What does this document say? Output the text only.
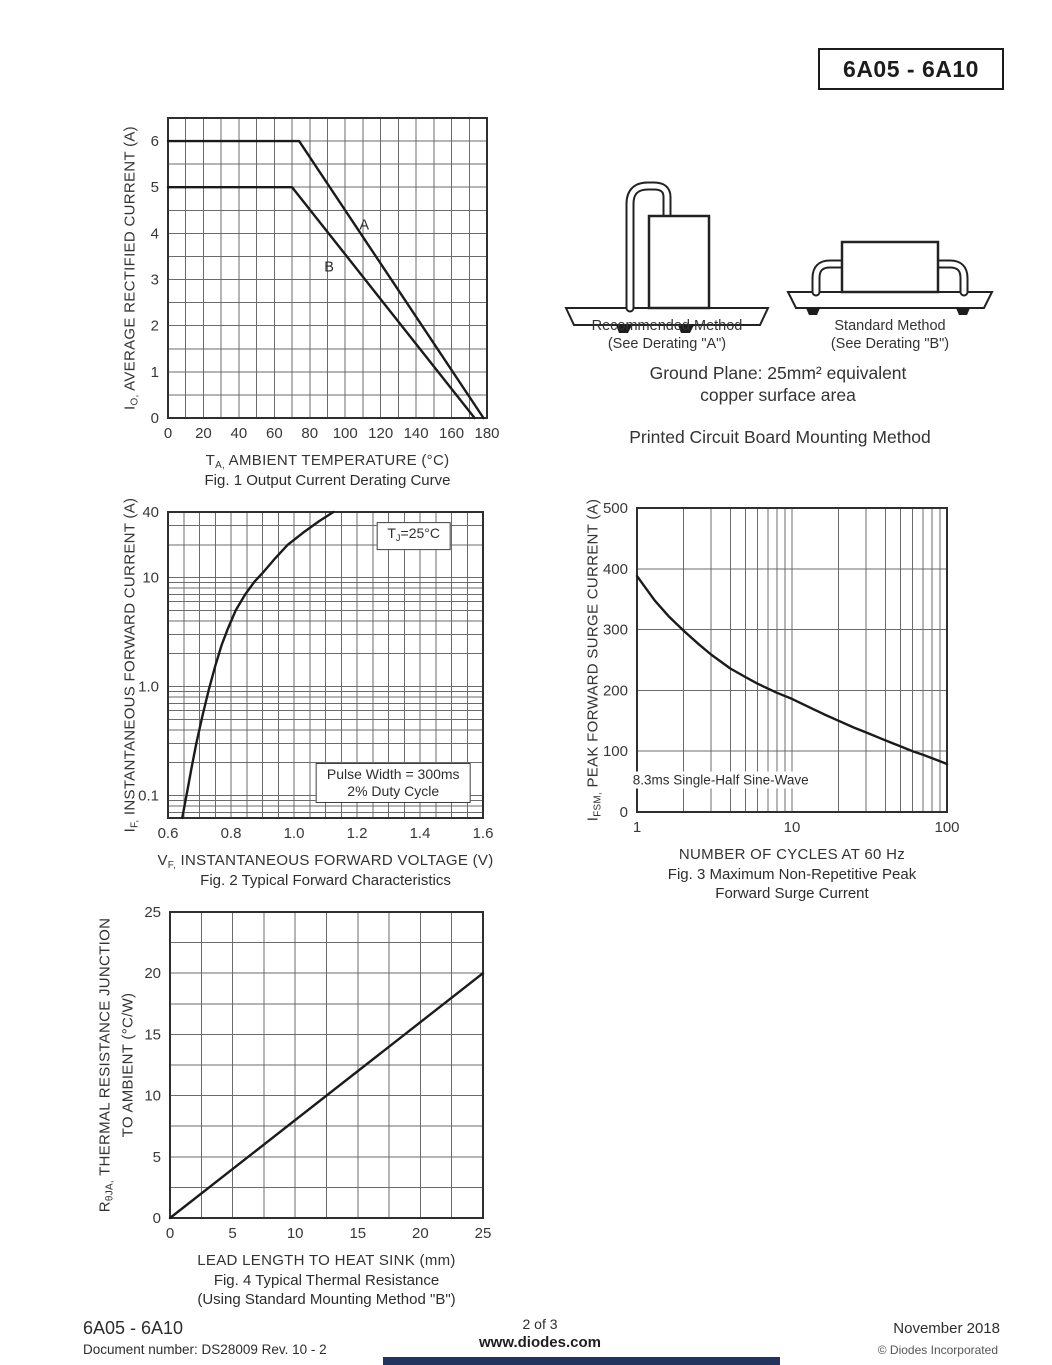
6A05 - 6A10
0 20 40 60 80 100 120 140 160 180
0
1
2
3
4
5
6
IO, AVERAGE RECTIFIED CURRENT (A)
TA, AMBIENT TEMPERATURE (°C)
Fig. 1 Output Current Derating Curve
A
B
0.6	0.8	1.0	1.2	1.4	1.6
40
10
1.0
0.1
IF, INSTANTANEOUS FORWARD CURRENT (A)
VF, INSTANTANEOUS FORWARD VOLTAGE (V)
Fig. 2 Typical Forward Characteristics
TJ=25°C
Pulse Width = 300ms
2% Duty Cycle
1	10	100
0
100
200
300
400
500
IFSM, PEAK FORWARD SURGE CURRENT (A)
NUMBER OF CYCLES AT 60 Hz
Fig. 3 Maximum Non-Repetitive Peak
Forward Surge Current
8.3ms Single-Half Sine-Wave
0	5	10	15	20	25
0
5
10
15
20
25
RθJA, THERMAL RESISTANCE JUNCTION TO AMBIENT (°C/W)
LEAD LENGTH TO HEAT SINK (mm)
Fig. 4 Typical Thermal Resistance
(Using Standard Mounting Method "B")
Recommended Method
(See Derating "A")
Standard Method
(See Derating "B")
Ground Plane: 25mm² equivalent
copper surface area
Printed Circuit Board Mounting Method
6A05 - 6A10
Document number: DS28009 Rev. 10 - 2
2 of 3
www.diodes.com
November 2018
© Diodes Incorporated
